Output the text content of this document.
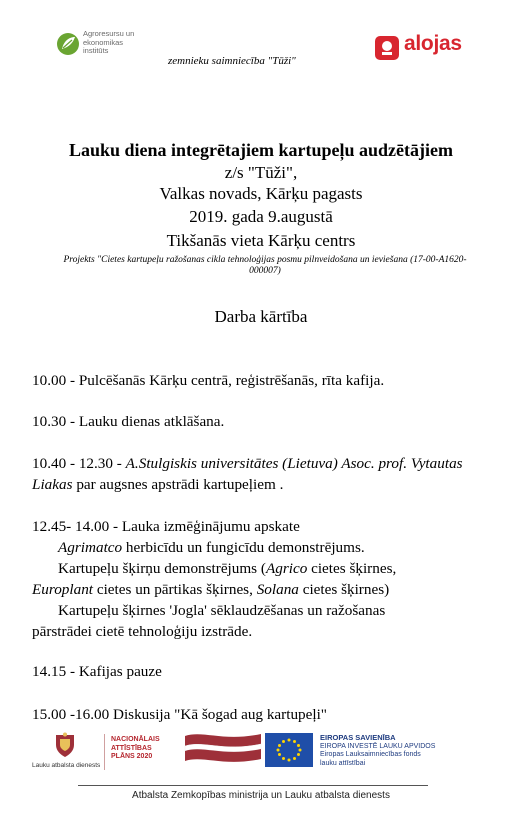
Agroresursu un
ekonomikas
institūts
zemnieku saimniecība "Tūži"
alojas
Lauku diena integrētajiem kartupeļu audzētājiem
z/s "Tūži",
Valkas novads, Kārķu pagasts
2019. gada 9.augustā
Tikšanās vieta Kārķu centrs
Projekts "Cietes kartupeļu ražošanas cikla tehnoloģijas posmu pilnveidošana un ieviešana (17-00-A1620-000007)
Darba kārtība
10.00 - Pulcēšanās Kārķu centrā, reģistrēšanās, rīta kafija.
10.30 - Lauku dienas atklāšana.
10.40 - 12.30 - A.Stulgiskis universitātes (Lietuva) Asoc. prof. Vytautas Liakas par augsnes apstrādi kartupeļiem .
12.45- 14.00 - Lauka izmēģinājumu apskate
Agrimatco herbicīdu un fungicīdu demonstrējums.
Kartupeļu šķirņu demonstrējums (Agrico cietes šķirnes,
Europlant cietes un pārtikas šķirnes, Solana cietes šķirnes)
Kartupeļu šķirnes 'Jogla' sēklaudzēšanas un ražošanas
pārstrādei cietē tehnoloģiju izstrāde.
14.15 - Kafijas pauze
15.00 -16.00 Diskusija "Kā šogad aug kartupeļi"
Lauku atbalsta dienests
NACIONĀLAIS
ATTĪSTĪBAS
PLĀNS 2020
EIROPAS SAVIENĪBA
EIROPA INVESTĒ LAUKU APVIDOS
Eiropas Lauksaimniecības fonds
lauku attīstībai
Atbalsta Zemkopības ministrija un Lauku atbalsta dienests
